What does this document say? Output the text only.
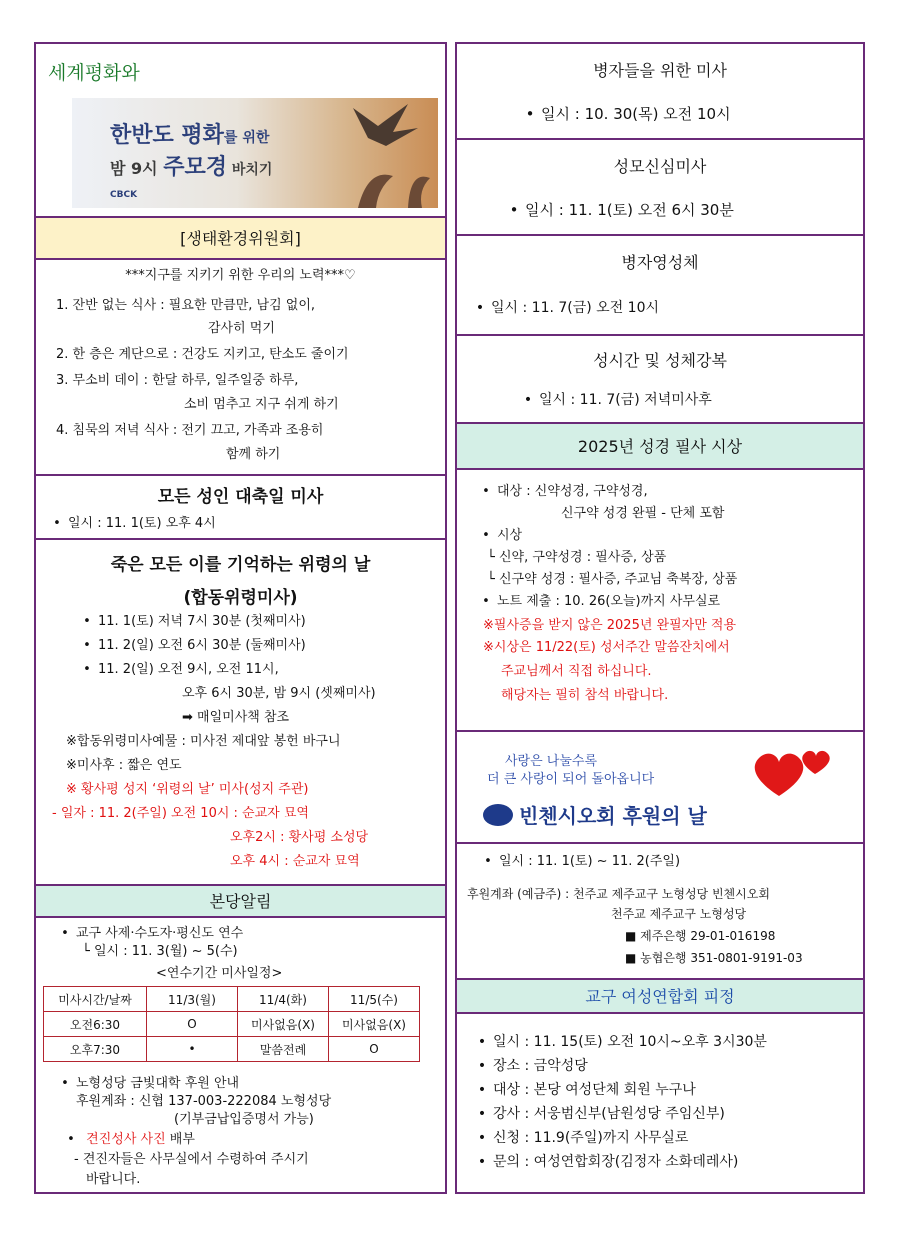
세계평화와
한반도 평화를 위한
밤 9시 주모경 바치기
CBCK
[생태환경위원회]
***지구를 지키기 위한 우리의 노력***♡
1. 잔반 없는 식사 : 필요한 만큼만, 남김 없이,
감사히 먹기
2. 한 층은 계단으로 : 건강도 지키고, 탄소도 줄이기
3. 무소비 데이 : 한달 하루, 일주일중 하루,
소비 멈추고 지구 쉬게 하기
4. 침묵의 저녁 식사 : 전기 끄고, 가족과 조용히
함께 하기
모든 성인 대축일 미사
• 일시 : 11. 1(토) 오후 4시
죽은 모든 이를 기억하는 위령의 날
(합동위령미사)
• 11. 1(토) 저녁 7시 30분 (첫째미사)
• 11. 2(일) 오전 6시 30분 (둘째미사)
• 11. 2(일) 오전 9시, 오전 11시,
오후 6시 30분, 밤 9시 (셋째미사)
➡ 매일미사책 참조
※합동위령미사예물 : 미사전 제대앞 봉헌 바구니
※미사후 : 짧은 연도
※ 황사평 성지 ‘위령의 날’ 미사(성지 주관)
- 일자 : 11. 2(주일) 오전 10시 : 순교자 묘역
오후2시 : 황사평 소성당
오후 4시 : 순교자 묘역
본당알림
• 교구 사제·수도자·평신도 연수
└ 일시 : 11. 3(월) ~ 5(수)
<연수기간 미사일정>
미사시간/날짜	11/3(월)	11/4(화)	11/5(수)
오전6:30	O	미사없음(X)	미사없음(X)
오후7:30	•	말씀전례	O
• 노형성당 금빛대학 후원 안내
후원계좌 : 신협 137-003-222084 노형성당
(기부금납입증명서 가능)
• 견진성사 사진 배부
- 견진자들은 사무실에서 수령하여 주시기
바랍니다.
병자들을 위한 미사
• 일시 : 10. 30(목) 오전 10시
성모신심미사
• 일시 : 11. 1(토) 오전 6시 30분
병자영성체
• 일시 : 11. 7(금) 오전 10시
성시간 및 성체강복
• 일시 : 11. 7(금) 저녁미사후
2025년 성경 필사 시상
• 대상 : 신약성경, 구약성경,
신구약 성경 완필 - 단체 포함
• 시상
└ 신약, 구약성경 : 필사증, 상품
└ 신구약 성경 : 필사증, 주교님 축복장, 상품
• 노트 제출 : 10. 26(오늘)까지 사무실로
※필사증을 받지 않은 2025년 완필자만 적용
※시상은 11/22(토) 성서주간 말씀잔치에서
주교님께서 직접 하십니다.
해당자는 필히 참석 바랍니다.
사랑은 나눌수록
더 큰 사랑이 되어 돌아옵니다
빈첸시오회 후원의 날
• 일시 : 11. 1(토) ~ 11. 2(주일)
후원계좌 (예금주) : 천주교 제주교구 노형성당 빈첸시오회
천주교 제주교구 노형성당
■ 제주은행 29-01-016198
■ 농협은행 351-0801-9191-03
교구 여성연합회 피정
• 일시 : 11. 15(토) 오전 10시~오후 3시30분
• 장소 : 금악성당
• 대상 : 본당 여성단체 회원 누구나
• 강사 : 서웅범신부(남원성당 주임신부)
• 신청 : 11.9(주일)까지 사무실로
• 문의 : 여성연합회장(김정자 소화데레사)
